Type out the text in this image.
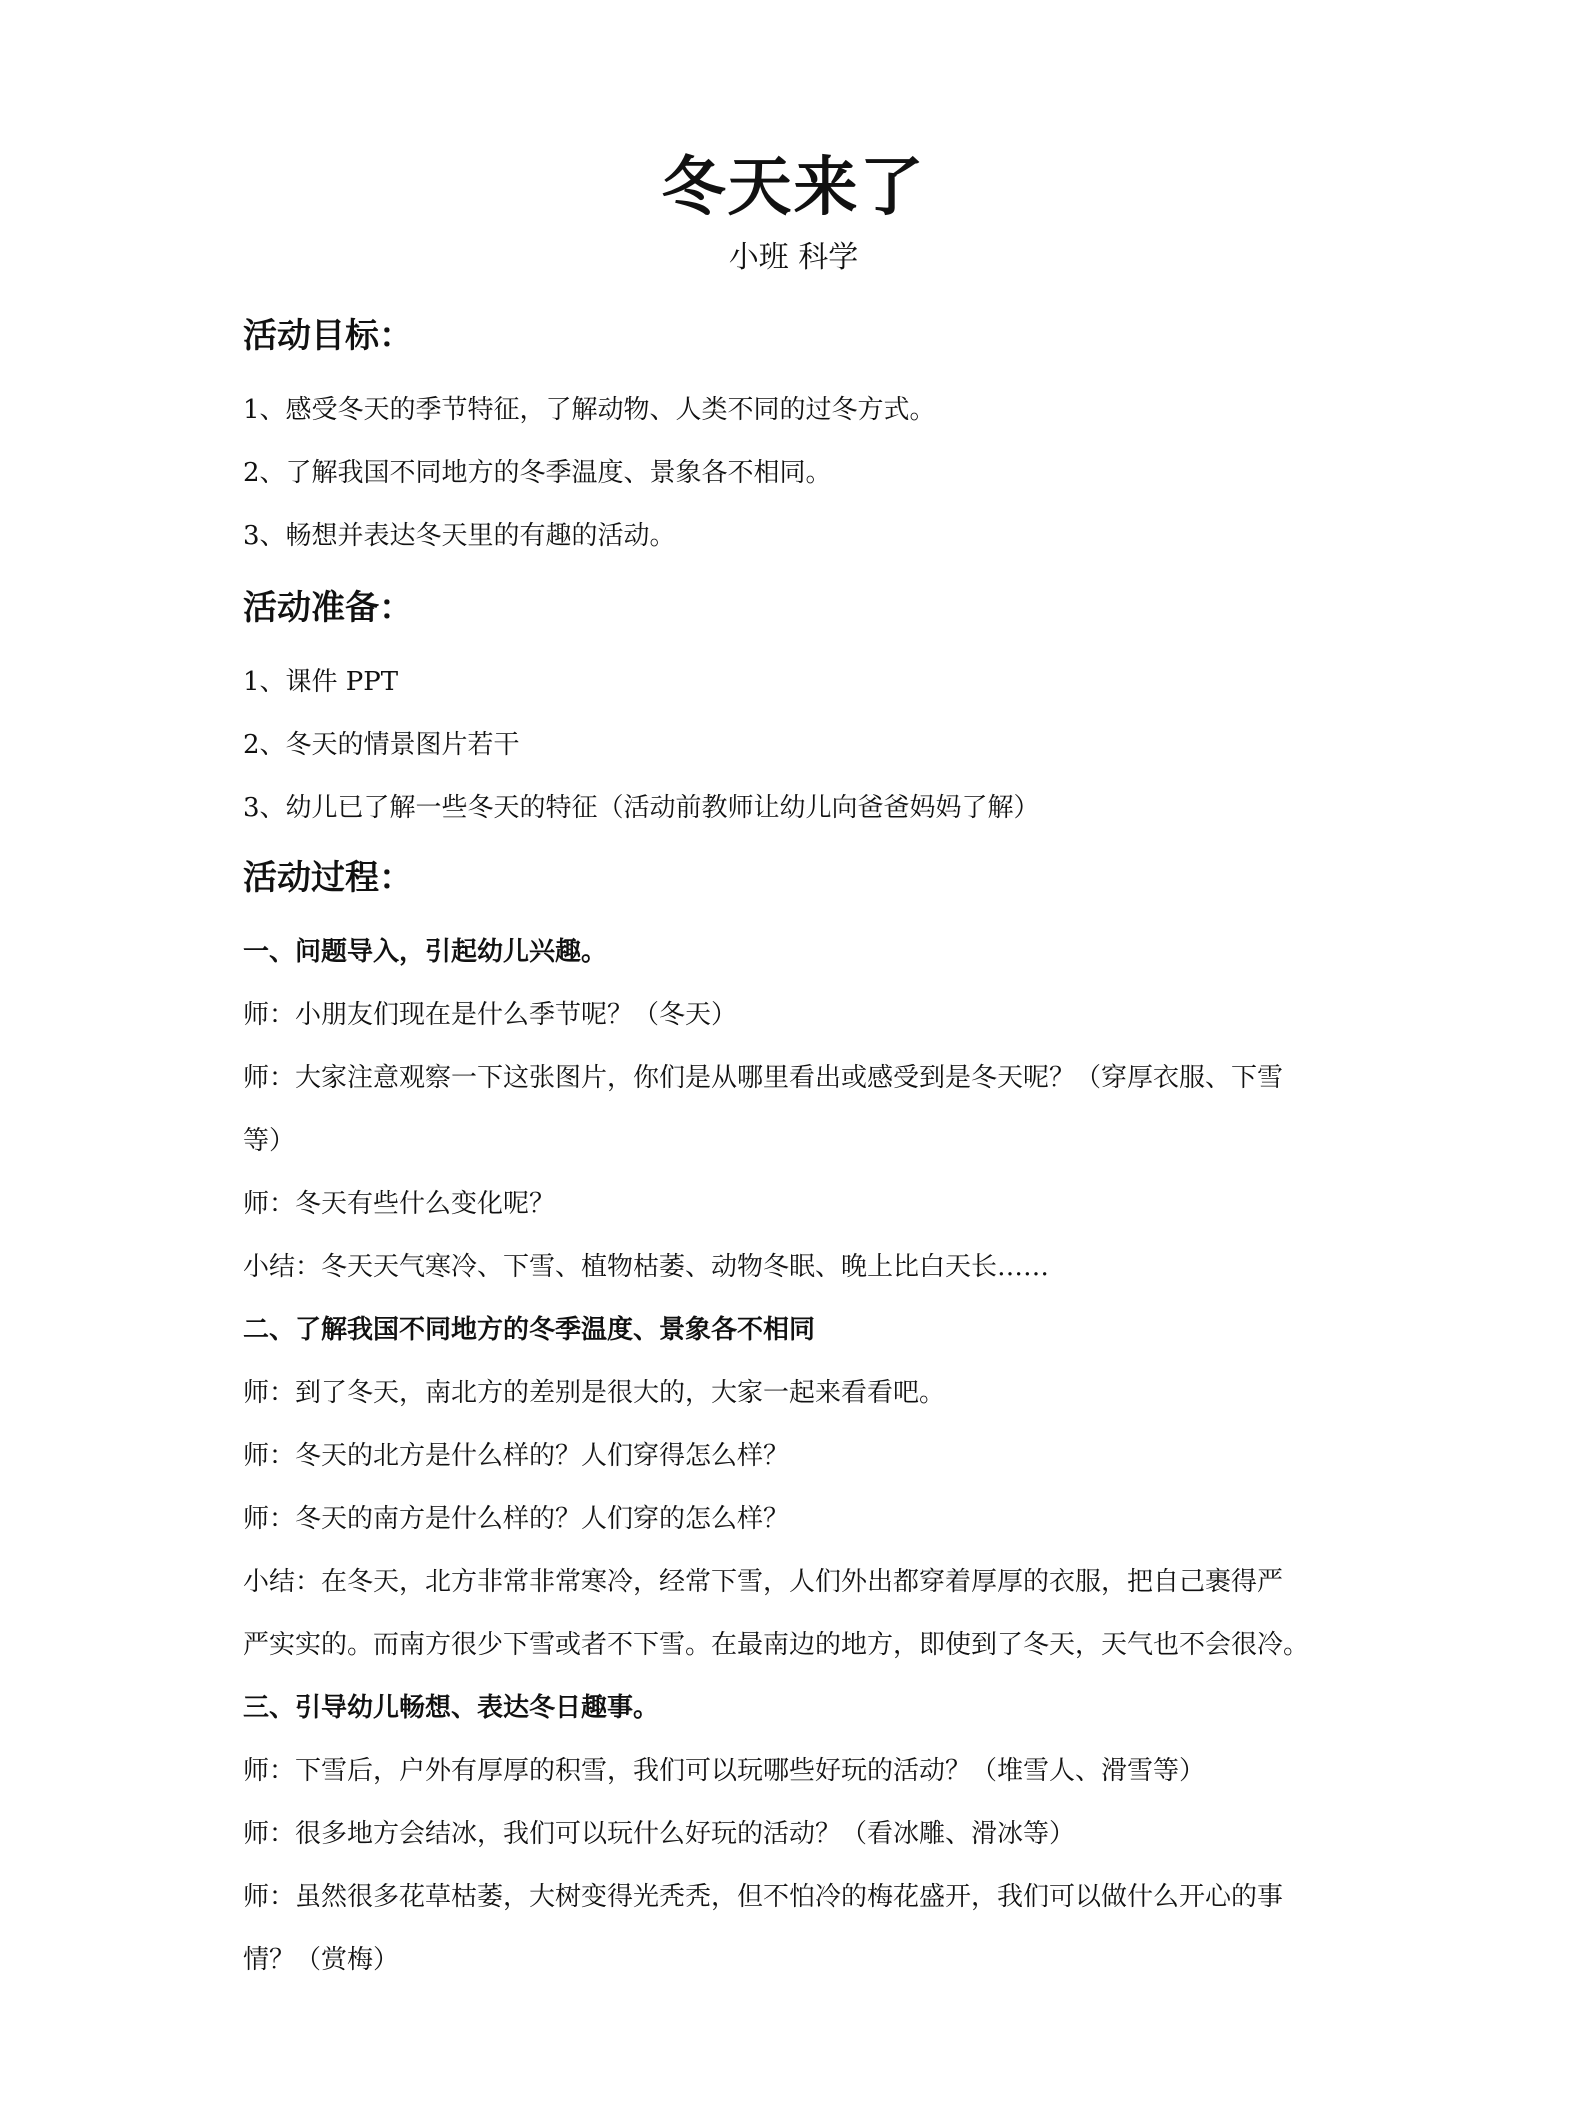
冬天来了
小班 科学
活动目标：
1、感受冬天的季节特征，了解动物、人类不同的过冬方式。
2、了解我国不同地方的冬季温度、景象各不相同。
3、畅想并表达冬天里的有趣的活动。
活动准备：
1、课件 PPT
2、冬天的情景图片若干
3、幼儿已了解一些冬天的特征（活动前教师让幼儿向爸爸妈妈了解）
活动过程：
一、问题导入，引起幼儿兴趣。
师：小朋友们现在是什么季节呢？（冬天）
师：大家注意观察一下这张图片，你们是从哪里看出或感受到是冬天呢？（穿厚衣服、下雪
等）
师：冬天有些什么变化呢？
小结：冬天天气寒冷、下雪、植物枯萎、动物冬眠、晚上比白天长……
二、了解我国不同地方的冬季温度、景象各不相同
师：到了冬天，南北方的差别是很大的，大家一起来看看吧。
师：冬天的北方是什么样的？人们穿得怎么样？
师：冬天的南方是什么样的？人们穿的怎么样？
小结：在冬天，北方非常非常寒冷，经常下雪，人们外出都穿着厚厚的衣服，把自己裹得严
严实实的。而南方很少下雪或者不下雪。在最南边的地方，即使到了冬天，天气也不会很冷。
三、引导幼儿畅想、表达冬日趣事。
师：下雪后，户外有厚厚的积雪，我们可以玩哪些好玩的活动？（堆雪人、滑雪等）
师：很多地方会结冰，我们可以玩什么好玩的活动？（看冰雕、滑冰等）
师：虽然很多花草枯萎，大树变得光秃秃，但不怕冷的梅花盛开，我们可以做什么开心的事
情？（赏梅）
